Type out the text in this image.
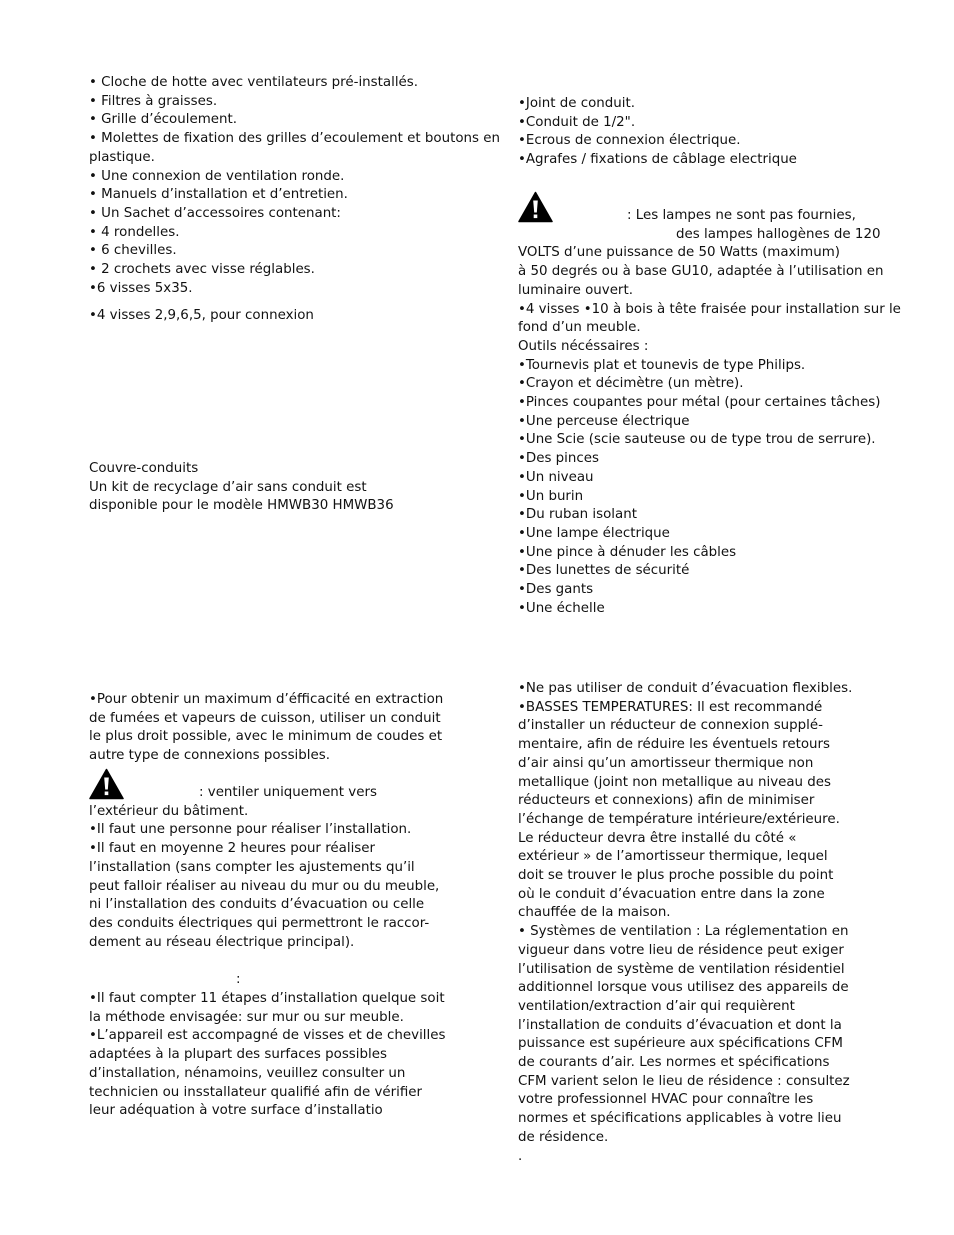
• Cloche de hotte avec ventilateurs pré-installés.
• Filtres à graisses.
• Grille d’écoulement.
• Molettes de fixation des grilles d’ecoulement et boutons en
plastique.
• Une connexion de ventilation ronde.
• Manuels d’installation et d’entretien.
• Un Sachet d’accessoires contenant:
• 4 rondelles.
• 6 chevilles.
• 2 crochets avec visse réglables.
•6 visses 5x35.
•4 visses 2,9,6,5, pour connexion
Couvre-conduits
Un kit de recyclage d’air sans conduit est
disponible pour le modèle HMWB30 HMWB36
•Joint de conduit.
•Conduit de 1/2".
•Ecrous de connexion électrique.
•Agrafes / fixations de câblage electrique
: Les lampes ne sont pas fournies,
des lampes hallogènes de 120
VOLTS d’une puissance de 50 Watts (maximum)
à 50 degrés ou à base GU10, adaptée à l’utilisation en
luminaire ouvert.
•4 visses •10 à bois à tête fraisée pour installation sur le
fond d’un meuble.
Outils nécéssaires :
•Tournevis plat et tounevis de type Philips.
•Crayon et décimètre (un mètre).
•Pinces coupantes pour métal (pour certaines tâches)
•Une perceuse électrique
•Une Scie (scie sauteuse ou de type trou de serrure).
•Des pinces
•Un niveau
•Un burin
•Du ruban isolant
•Une lampe électrique
•Une pince à dénuder les câbles
•Des lunettes de sécurité
•Des gants
•Une échelle
•Pour obtenir un maximum d’éfficacité en extraction
de fumées et vapeurs de cuisson, utiliser un conduit
le plus droit possible, avec le minimum de coudes et
autre type de connexions possibles.
: ventiler uniquement vers
l’extérieur du bâtiment.
•Il faut une personne pour réaliser l’installation.
•Il faut en moyenne 2 heures pour réaliser
l’installation (sans compter les ajustements qu’il
peut falloir réaliser au niveau du mur ou du meuble,
ni l’installation des conduits d’évacuation ou celle
des conduits électriques qui permettront le raccor-
dement au réseau électrique principal).
:
•Il faut compter 11 étapes d’installation quelque soit
la méthode envisagée: sur mur ou sur meuble.
•L’appareil est accompagné de visses et de chevilles
adaptées à la plupart des surfaces possibles
d’installation, nénamoins, veuillez consulter un
technicien ou insstallateur qualifié afin de vérifier
leur adéquation à votre surface d’installatio
•Ne pas utiliser de conduit d’évacuation flexibles.
•BASSES TEMPERATURES: Il est recommandé
d’installer un réducteur de connexion supplé-
mentaire, afin de réduire les éventuels retours
d’air ainsi qu’un amortisseur thermique non
metallique (joint non metallique au niveau des
réducteurs et connexions) afin de minimiser
l’échange de température intérieure/extérieure.
Le réducteur devra être installé du côté «
extérieur » de l’amortisseur thermique, lequel
doit se trouver le plus proche possible du point
où le conduit d’évacuation entre dans la zone
chauffée de la maison.
• Systèmes de ventilation : La réglementation en
vigueur dans votre lieu de résidence peut exiger
l’utilisation de système de ventilation résidentiel
additionnel lorsque vous utilisez des appareils de
ventilation/extraction d’air qui requièrent
l’installation de conduits d’évacuation et dont la
puissance est supérieure aux spécifications CFM
de courants d’air. Les normes et spécifications
CFM varient selon le lieu de résidence : consultez
votre professionnel HVAC pour connaître les
normes et spécifications applicables à votre lieu
de résidence.
.
